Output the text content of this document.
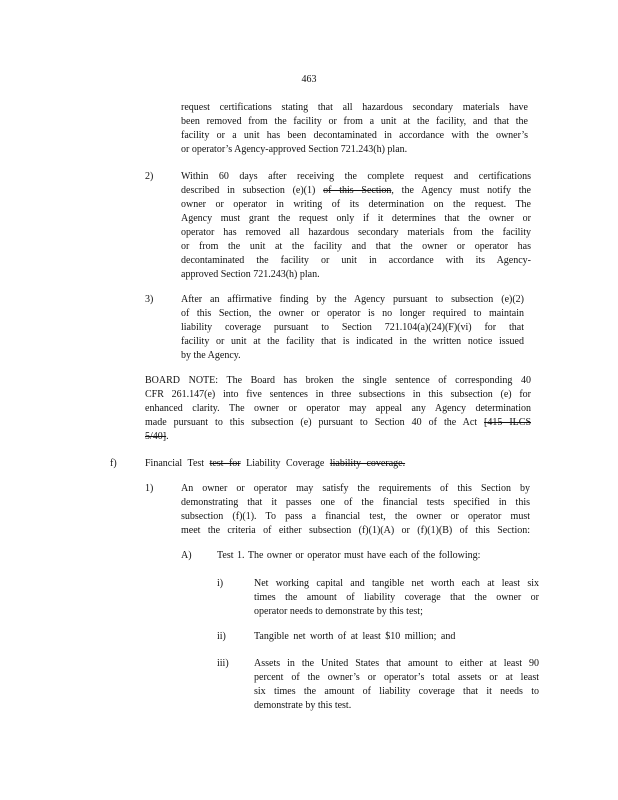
463
request certifications stating that all hazardous secondary materials have
been removed from the facility or from a unit at the facility, and that the
facility or a unit has been decontaminated in accordance with the owner’s
or operator’s Agency-approved Section 721.243(h) plan.
2)	Within 60 days after receiving the complete request and certifications
described in subsection (e)(1) of this Section, the Agency must notify the
owner or operator in writing of its determination on the request. The
Agency must grant the request only if it determines that the owner or
operator has removed all hazardous secondary materials from the facility
or from the unit at the facility and that the owner or operator has
decontaminated the facility or unit in accordance with its Agency-
approved Section 721.243(h) plan.
3)	After an affirmative finding by the Agency pursuant to subsection (e)(2)
of this Section, the owner or operator is no longer required to maintain
liability coverage pursuant to Section 721.104(a)(24)(F)(vi) for that
facility or unit at the facility that is indicated in the written notice issued
by the Agency.
BOARD NOTE: The Board has broken the single sentence of corresponding 40
CFR 261.147(e) into five sentences in three subsections in this subsection (e) for
enhanced clarity. The owner or operator may appeal any Agency determination
made pursuant to this subsection (e) pursuant to Section 40 of the Act [415 ILCS
5/40].
f)	Financial Test test for Liability Coverage liability coverage.
1)	An owner or operator may satisfy the requirements of this Section by
demonstrating that it passes one of the financial tests specified in this
subsection (f)(1). To pass a financial test, the owner or operator must
meet the criteria of either subsection (f)(1)(A) or (f)(1)(B) of this Section:
A)	Test 1. The owner or operator must have each of the following:
i)	Net working capital and tangible net worth each at least six
times the amount of liability coverage that the owner or
operator needs to demonstrate by this test;
ii)	Tangible net worth of at least $10 million; and
iii)	Assets in the United States that amount to either at least 90
percent of the owner’s or operator’s total assets or at least
six times the amount of liability coverage that it needs to
demonstrate by this test.
